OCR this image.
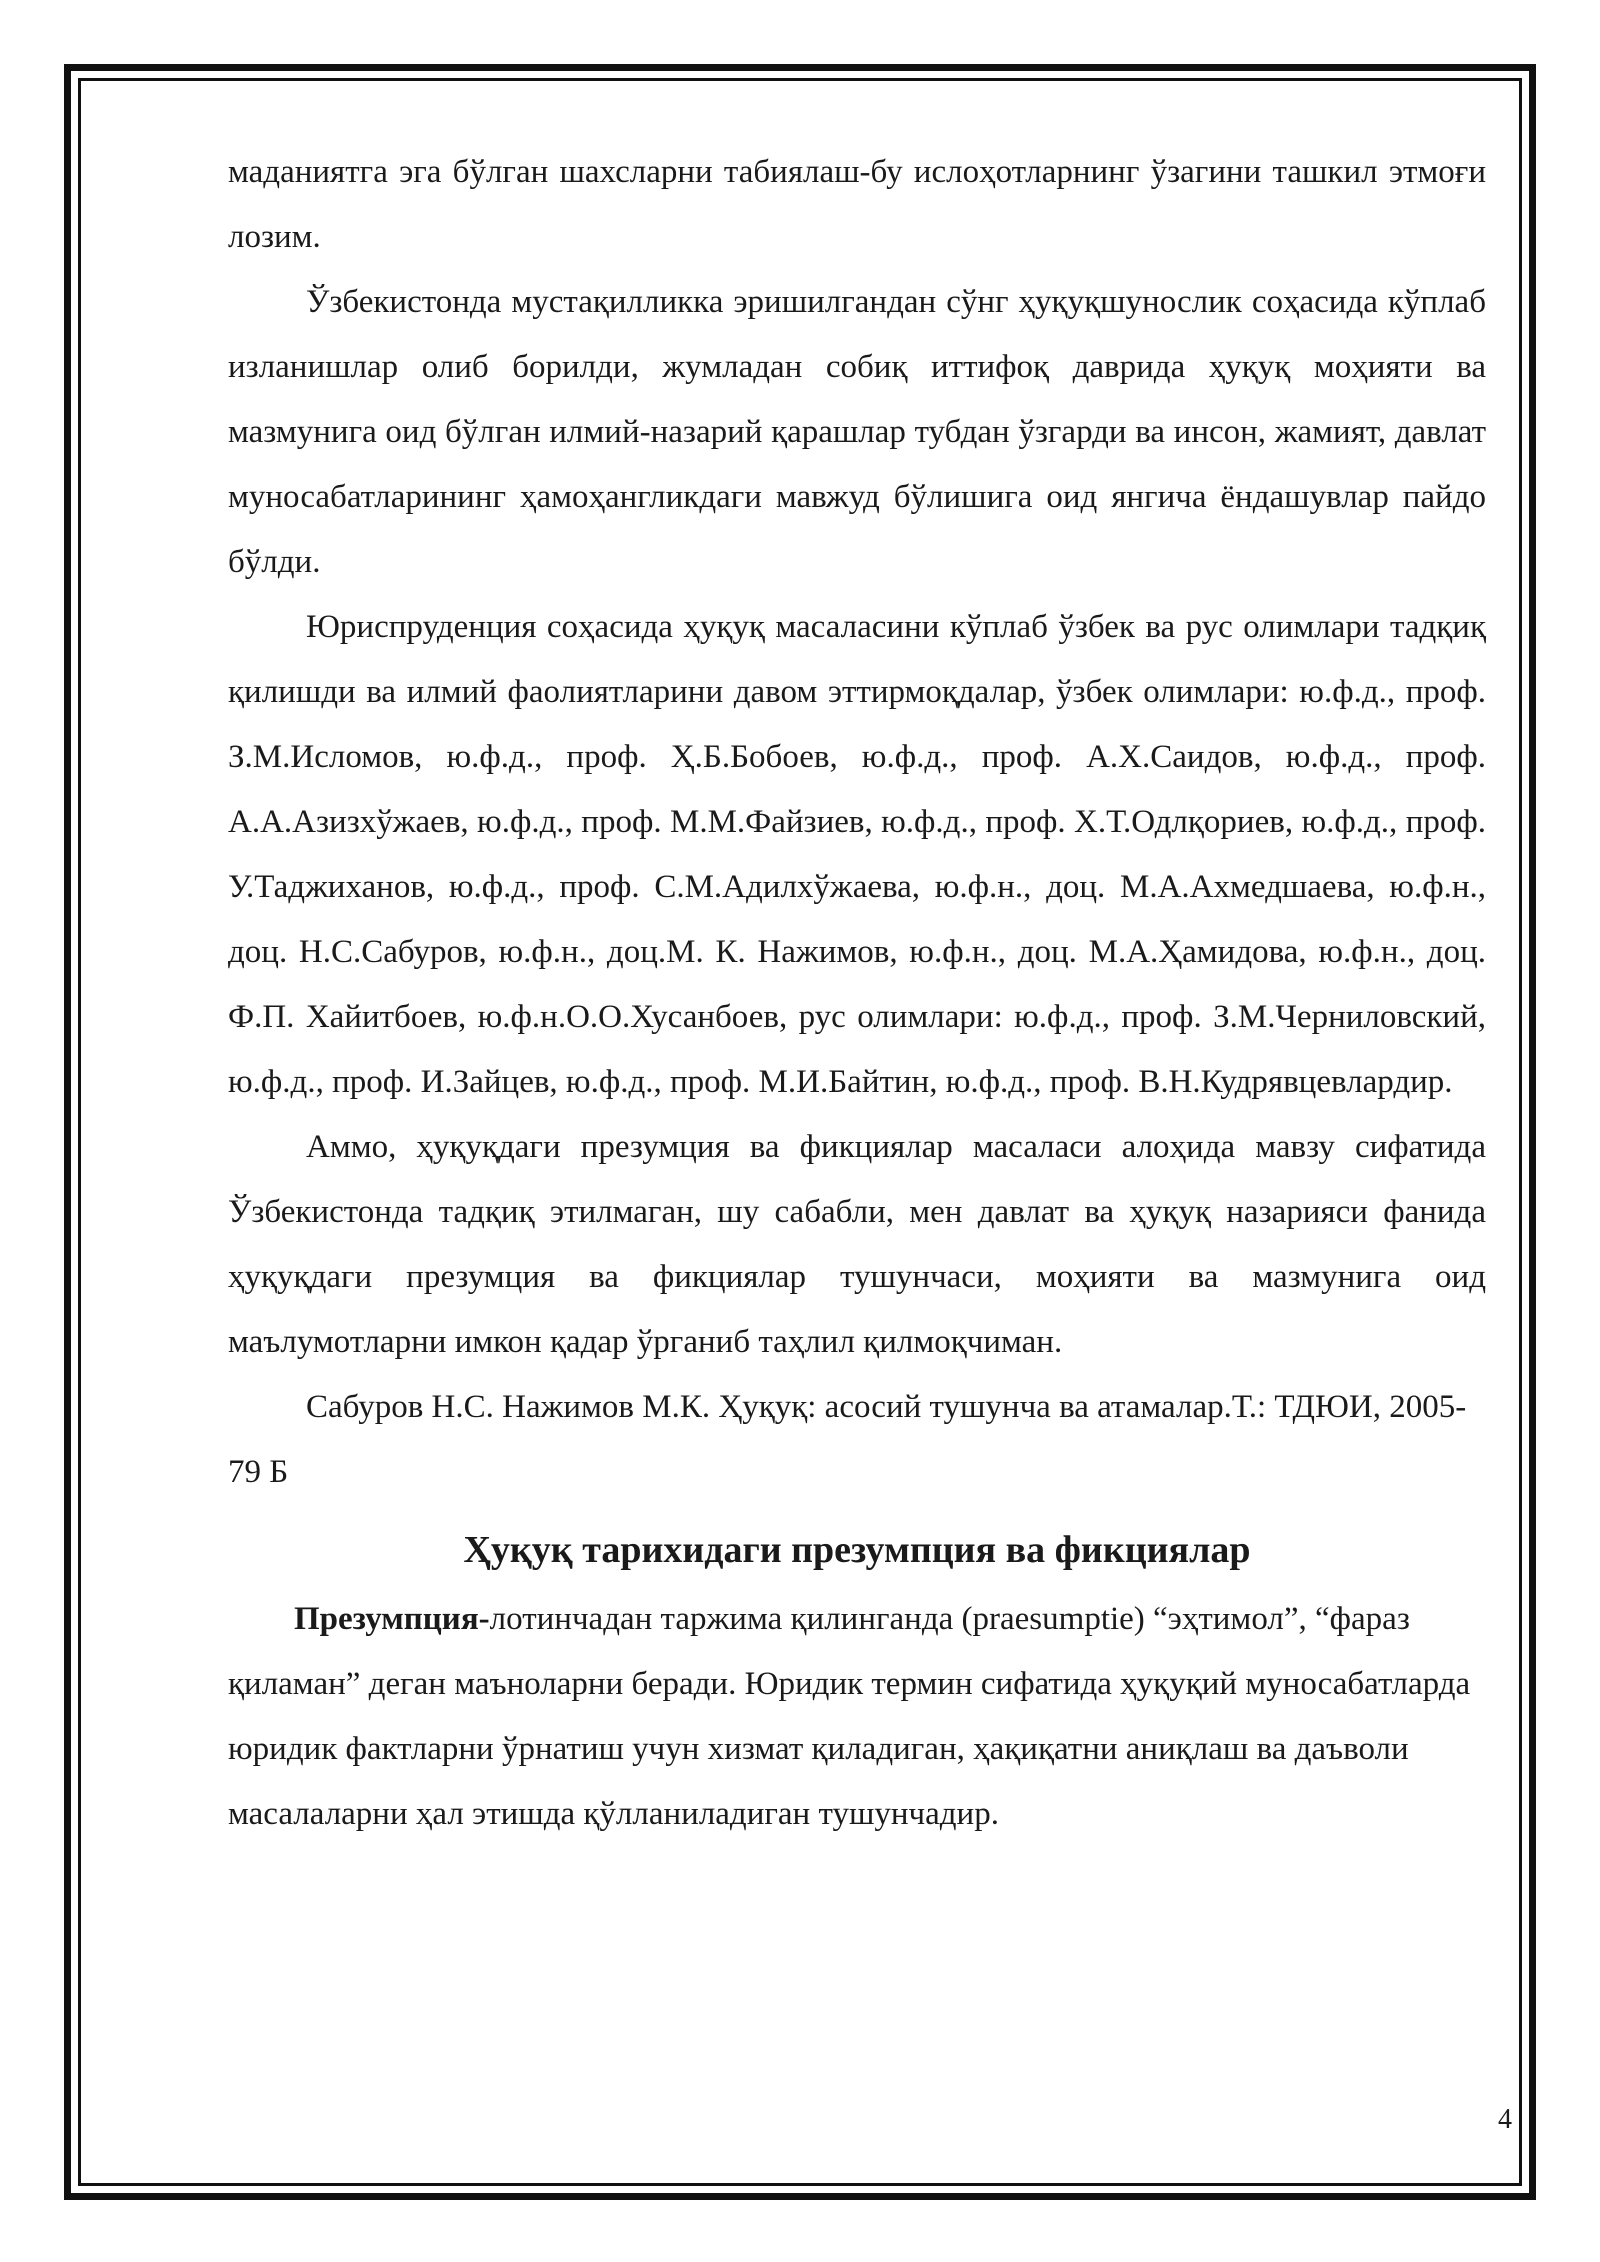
маданиятга эга бўлган шахсларни табиялаш-бу ислоҳотларнинг ўзагини ташкил этмоғи лозим.

Ўзбекистонда мустақилликка эришилгандан сўнг ҳуқуқшунослик соҳасида кўплаб изланишлар олиб борилди, жумладан собиқ иттифоқ даврида ҳуқуқ моҳияти ва мазмунига оид бўлган илмий-назарий қарашлар тубдан ўзгарди ва инсон, жамият, давлат муносабатларининг ҳамоҳангликдаги мавжуд бўлишига оид янгича ёндашувлар пайдо бўлди.

Юриспруденция соҳасида ҳуқуқ масаласини кўплаб ўзбек ва рус олимлари тадқиқ қилишди ва илмий фаолиятларини давом эттирмоқдалар, ўзбек олимлари: ю.ф.д., проф. З.М.Исломов, ю.ф.д., проф. Ҳ.Б.Бобоев, ю.ф.д., проф. А.Х.Саидов, ю.ф.д., проф. А.А.Азизхўжаев, ю.ф.д., проф. М.М.Файзиев, ю.ф.д., проф. Х.Т.Одлқориев, ю.ф.д., проф. У.Таджиханов, ю.ф.д., проф. С.М.Адилхўжаева, ю.ф.н., доц. М.А.Ахмедшаева, ю.ф.н., доц. Н.С.Сабуров, ю.ф.н., доц.М. К. Нажимов, ю.ф.н., доц. М.А.Ҳамидова, ю.ф.н., доц. Ф.П. Хайитбоев, ю.ф.н.О.О.Хусанбоев, рус олимлари: ю.ф.д., проф. З.М.Черниловский, ю.ф.д., проф. И.Зайцев, ю.ф.д., проф. М.И.Байтин, ю.ф.д., проф. В.Н.Кудрявцевлардир.

Аммо, ҳуқуқдаги презумция ва фикциялар масаласи алоҳида мавзу сифатида Ўзбекистонда тадқиқ этилмаган, шу сабабли, мен давлат ва ҳуқуқ назарияси фанида ҳуқуқдаги презумция ва фикциялар тушунчаси, моҳияти ва мазмунига оид маълумотларни имкон қадар ўрганиб таҳлил қилмоқчиман.

Сабуров Н.С. Нажимов М.К. Ҳуқуқ: асосий тушунча ва атамалар.Т.: ТДЮИ, 2005-79 Б

Ҳуқуқ тарихидаги презумпция ва фикциялар

Презумпция-лотинчадан таржима қилинганда (praesumptie) “эҳтимол”, “фараз қиламан” деган маъноларни беради. Юридик термин сифатида ҳуқуқий муносабатларда юридик фактларни ўрнатиш учун хизмат қиладиган, ҳақиқатни аниқлаш ва даъволи масалаларни ҳал этишда қўлланиладиган тушунчадир.

4
